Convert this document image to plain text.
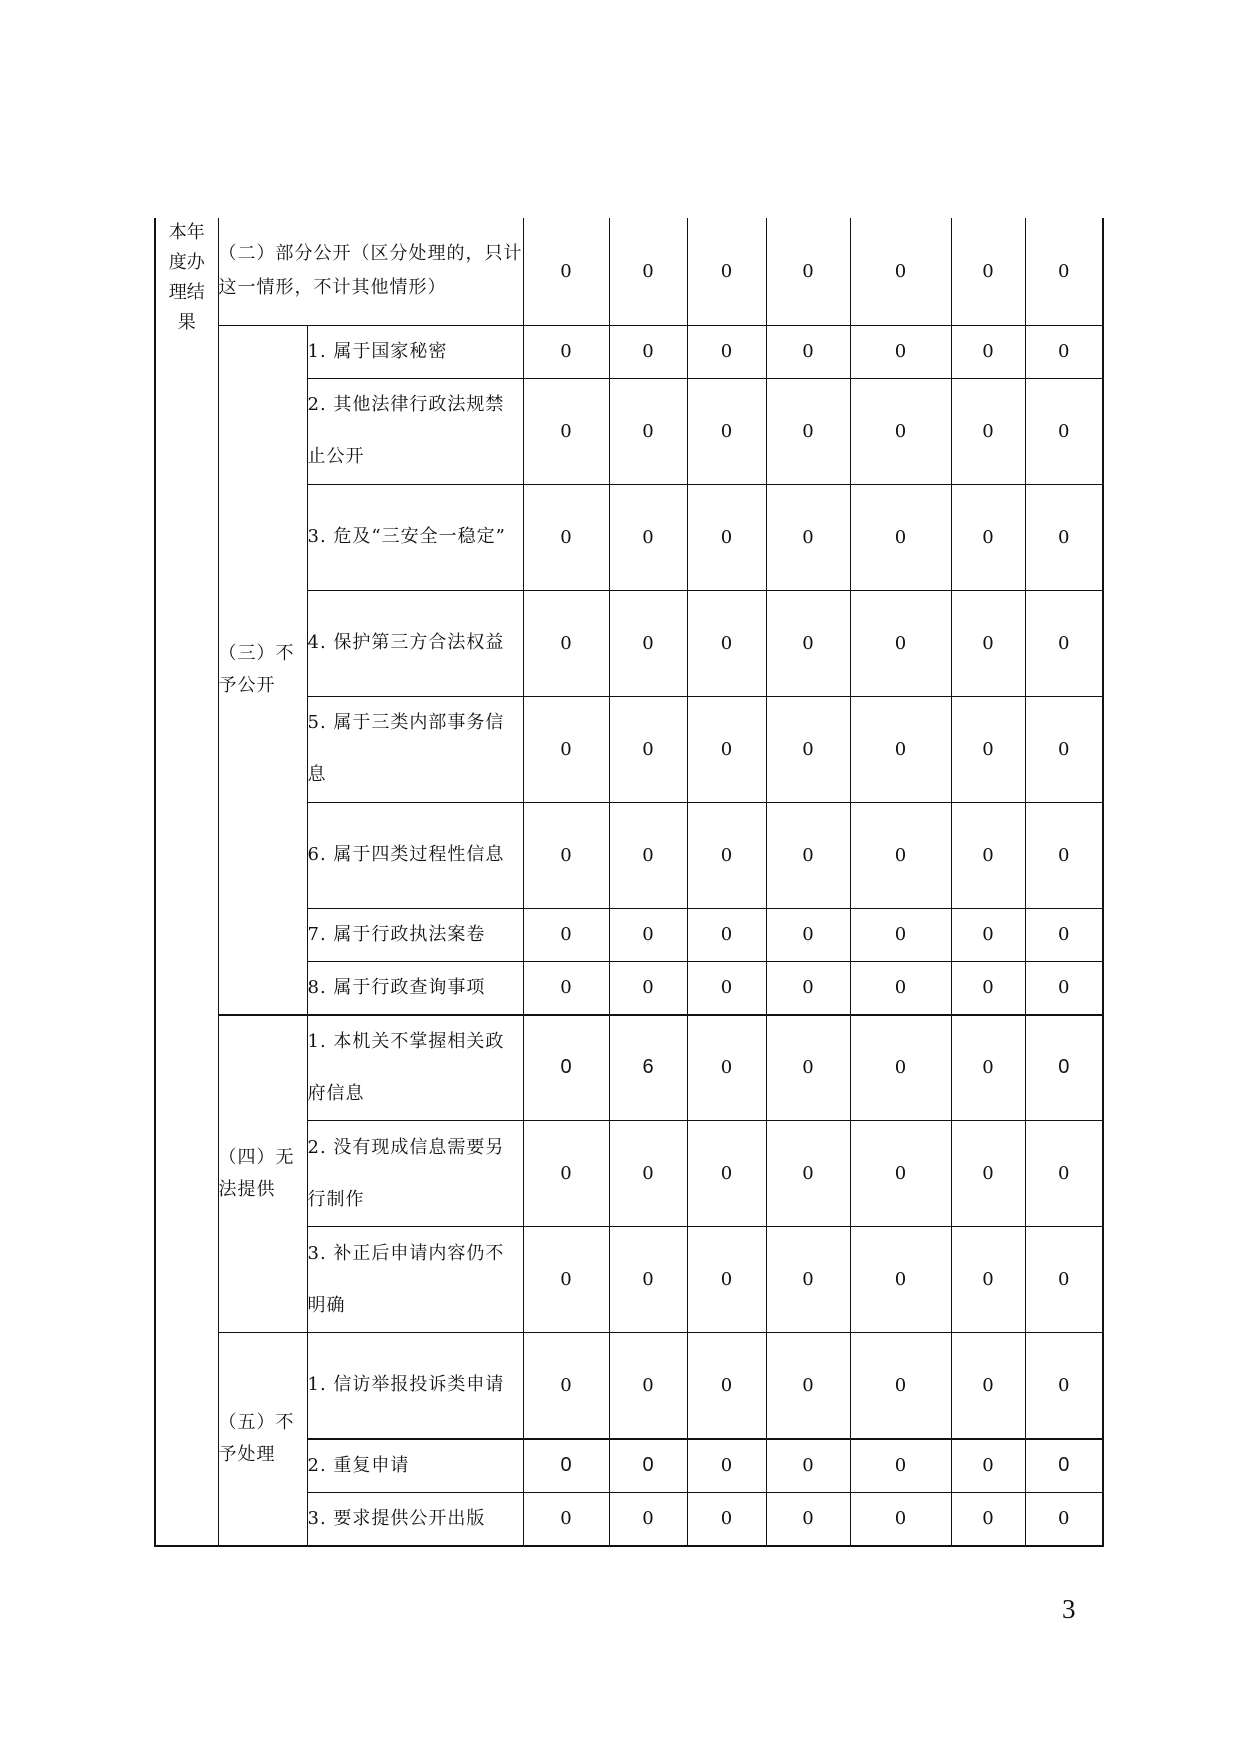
本年度办理结果	（二）部分公开（区分处理的，只计这一情形，不计其他情形）		0	0	0	0	0	0	0

	（三）不予公开	1. 属于国家秘密	0	0	0	0	0	0	0
		2. 其他法律行政法规禁止公开	0	0	0	0	0	0	0
		3. 危及“三安全一稳定”	0	0	0	0	0	0	0
		4. 保护第三方合法权益	0	0	0	0	0	0	0
		5. 属于三类内部事务信息	0	0	0	0	0	0	0
		6. 属于四类过程性信息	0	0	0	0	0	0	0
		7. 属于行政执法案卷	0	0	0	0	0	0	0
		8. 属于行政查询事项	0	0	0	0	0	0	0

	（四）无法提供	1. 本机关不掌握相关政府信息	0	6	0	0	0	0	0
		2. 没有现成信息需要另行制作	0	0	0	0	0	0	0
		3. 补正后申请内容仍不明确	0	0	0	0	0	0	0

	（五）不予处理	1. 信访举报投诉类申请	0	0	0	0	0	0	0
		2. 重复申请	0	0	0	0	0	0	0
		3. 要求提供公开出版	0	0	0	0	0	0	0
3
